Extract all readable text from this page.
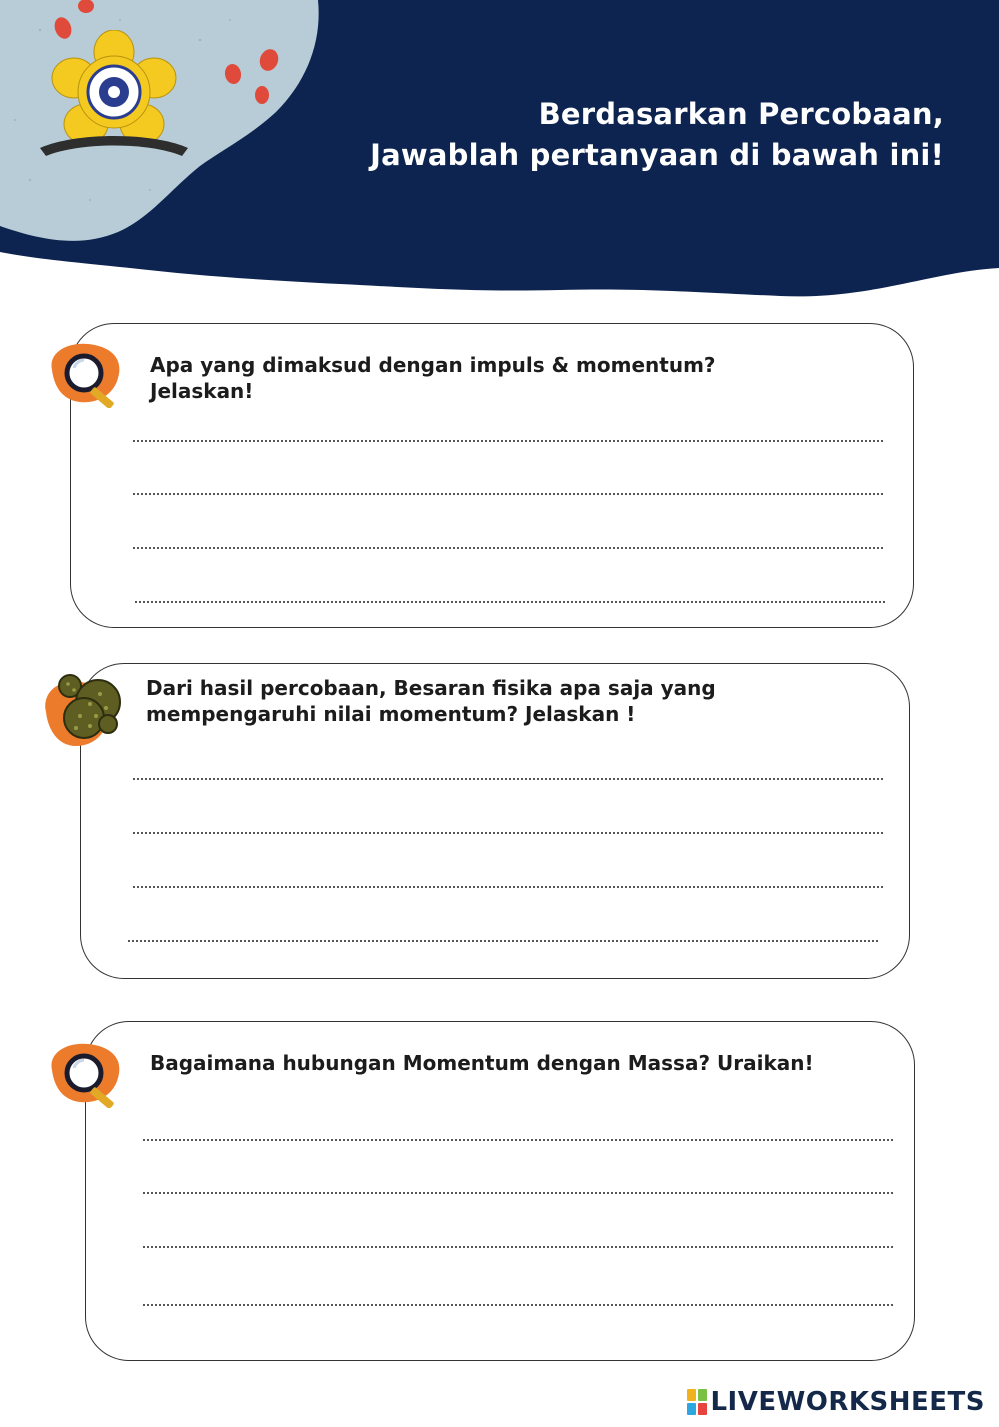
Berdasarkan Percobaan,
Jawablah pertanyaan di bawah ini!
Apa yang dimaksud dengan impuls & momentum?
Jelaskan!
Dari hasil percobaan, Besaran fisika apa saja yang
mempengaruhi nilai momentum? Jelaskan !
Bagaimana hubungan Momentum dengan Massa? Uraikan!
LIVEWORKSHEETS
